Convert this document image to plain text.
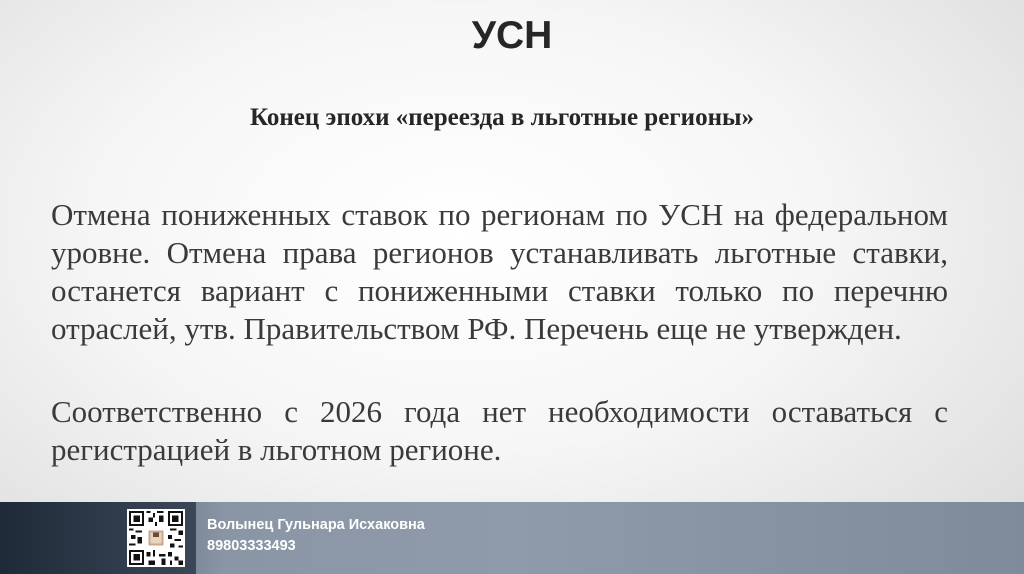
УСН
Конец эпохи «переезда в льготные регионы»

Отмена пониженных ставок по регионам по УСН на федеральном уровне. Отмена права регионов устанавливать льготные ставки, останется вариант с пониженными ставки только по перечню отраслей, утв. Правительством РФ. Перечень еще не утвержден.

Соответственно с 2026 года нет необходимости оставаться с регистрацией в льготном регионе.

Волынец Гульнара Исхаковна
89803333493
